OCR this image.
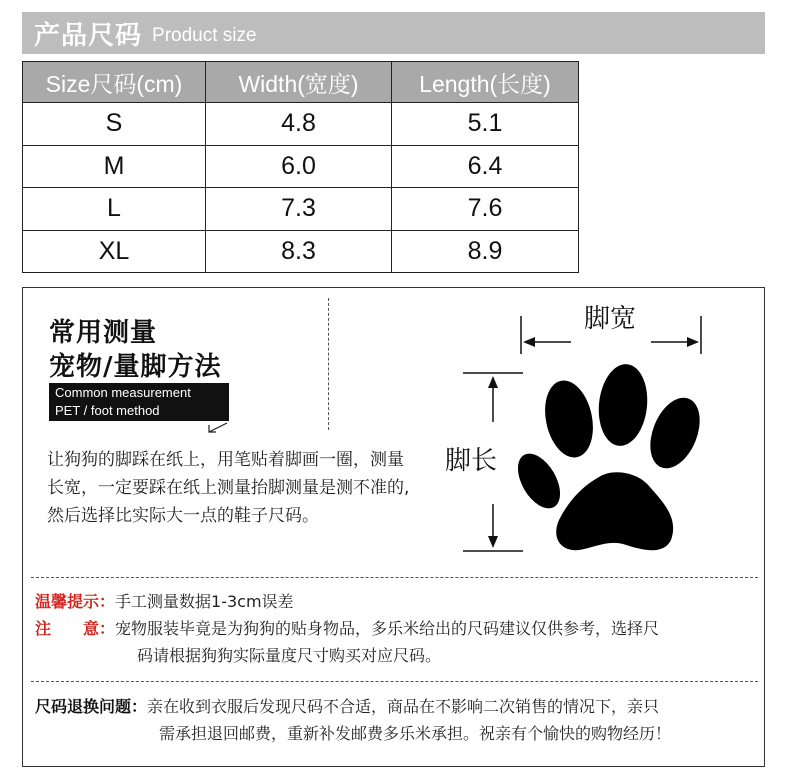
产品尺码 Product size
Size尺码(cm)	Width(宽度)	Length(长度)
S	4.8	5.1
M	6.0	6.4
L	7.3	7.6
XL	8.3	8.9
常用测量
宠物/量脚方法
Common measurement
PET / foot method
让狗狗的脚踩在纸上，用笔贴着脚画一圈，测量长宽，一定要踩在纸上测量抬脚测量是测不准的,然后选择比实际大一点的鞋子尺码。
脚宽
脚长
温馨提示：手工测量数据1-3cm误差
注　　意：宠物服装毕竟是为狗狗的贴身物品，多乐米给出的尺码建议仅供参考，选择尺
码请根据狗狗实际量度尺寸购买对应尺码。
尺码退换问题：亲在收到衣服后发现尺码不合适，商品在不影响二次销售的情况下，亲只
需承担退回邮费，重新补发邮费多乐米承担。祝亲有个愉快的购物经历！
